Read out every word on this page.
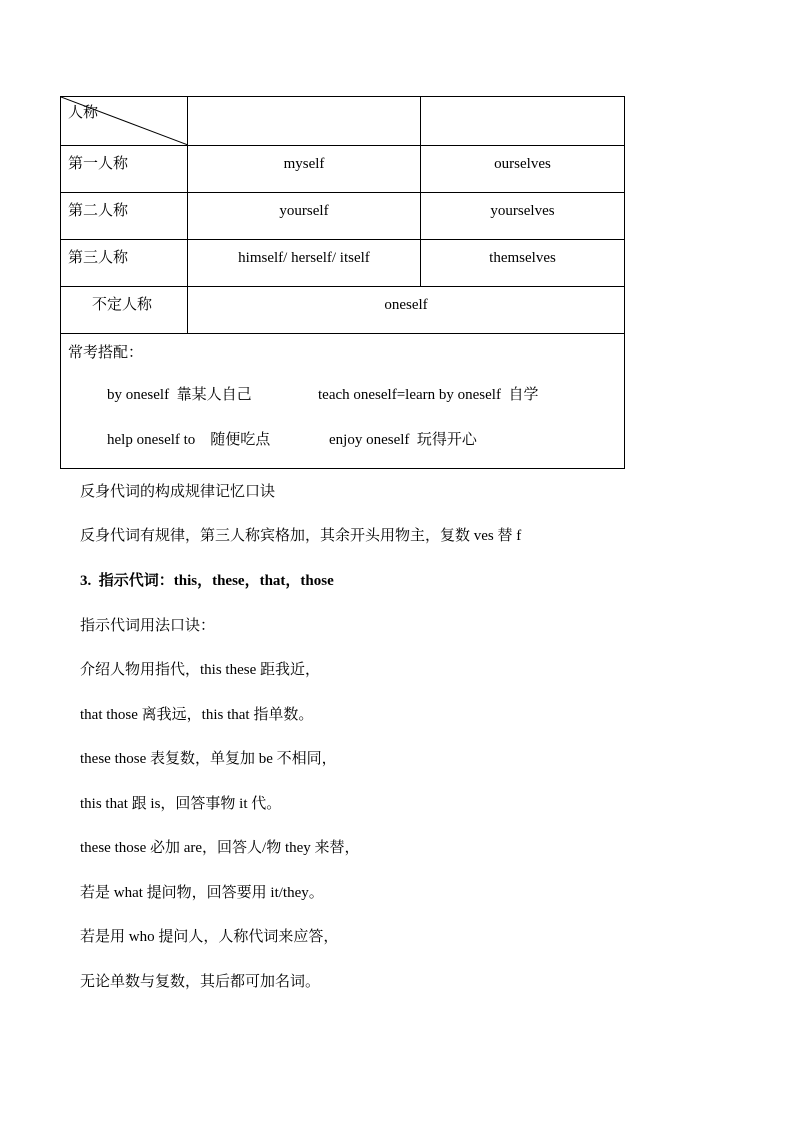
人称		

第一人称	myself	ourselves
第二人称	yourself	yourselves
第三人称	himself/ herself/ itself	themselves
不定人称	oneself	

常考搭配：
by oneself  靠某人自己 teach oneself=learn by oneself  自学
help oneself to    随便吃点 enjoy oneself  玩得开心		
反身代词的构成规律记忆口诀
反身代词有规律，第三人称宾格加，其余开头用物主，复数 ves 替 f
3.  指示代词：this，these，that，those
指示代词用法口诀：
介绍人物用指代，this these 距我近，
that those 离我远，this that 指单数。
these those 表复数，单复加 be 不相同，
this that 跟 is，回答事物 it 代。
these those 必加 are，回答人/物 they 来替，
若是 what 提问物，回答要用 it/they。
若是用 who 提问人，人称代词来应答，
无论单数与复数，其后都可加名词。
